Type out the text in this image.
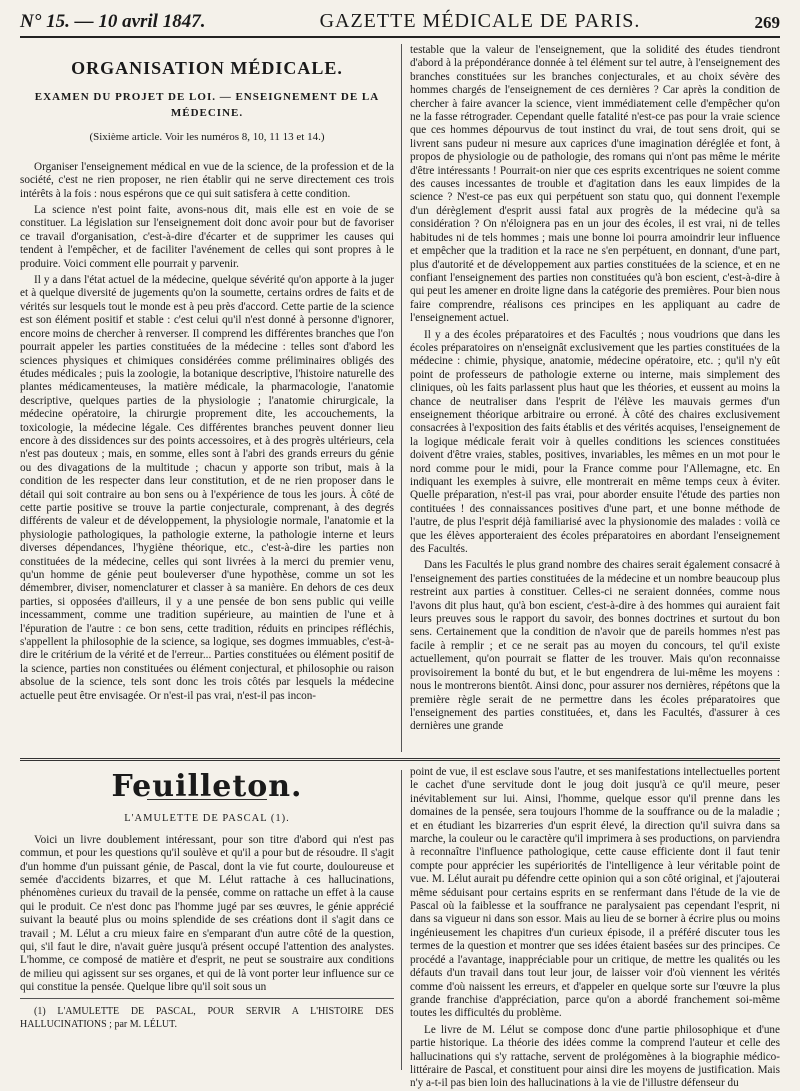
N° 15. — 10 avril 1847.	GAZETTE MÉDICALE DE PARIS.	269
ORGANISATION MÉDICALE.
EXAMEN DU PROJET DE LOI. — ENSEIGNEMENT DE LA MÉDECINE.
(Sixième article. Voir les numéros 8, 10, 11 13 et 14.)

Organiser l'enseignement médical en vue de la science, de la profession et de la société, c'est ne rien proposer, ne rien établir qui ne serve directement ces trois intérêts à la fois : nous espérons que ce qui suit satisfera à cette condition.

La science n'est point faite, avons-nous dit, mais elle est en voie de se constituer. La législation sur l'enseignement doit donc avoir pour but de favoriser ce travail d'organisation, c'est-à-dire d'écarter et de supprimer les causes qui tendent à l'empêcher, et de faciliter l'avénement de celles qui sont propres à le produire. Voici comment elle pourrait y parvenir.

Il y a dans l'état actuel de la médecine, quelque sévérité qu'on apporte à la juger et à quelque diversité de jugements qu'on la soumette, certains ordres de faits et de vérités sur lesquels tout le monde est à peu près d'accord. Cette partie de la science est son élément positif et stable : c'est celui qu'il n'est donné à personne d'ignorer, encore moins de chercher à renverser. Il comprend les différentes branches que l'on pourrait appeler les parties constituées de la médecine : telles sont d'abord les sciences physiques et chimiques considérées comme préliminaires obligés des études médicales ; puis la zoologie, la botanique descriptive, l'histoire naturelle des plantes médicamenteuses, la matière médicale, la pharmacologie, l'anatomie descriptive, quelques parties de la physiologie ; l'anatomie chirurgicale, la médecine opératoire, la chirurgie proprement dite, les accouchements, la toxicologie, la médecine légale. Ces différentes branches peuvent donner lieu encore à des dissidences sur des points accessoires, et à des progrès ultérieurs, cela n'est pas douteux ; mais, en somme, elles sont à l'abri des grands erreurs du génie ou des divagations de la multitude ; chacun y apporte son tribut, mais à la condition de les respecter dans leur constitution, et de ne rien proposer dans le détail qui soit contraire au bon sens ou à l'expérience de tous les jours. À côté de cette partie positive se trouve la partie conjecturale, comprenant, à des degrés différents de valeur et de développement, la physiologie normale, l'anatomie et la physiologie pathologiques, la pathologie externe, la pathologie interne et leurs diverses dépendances, l'hygiène théorique, etc., c'est-à-dire les parties non constituées de la médecine, celles qui sont livrées à la merci du premier venu, qu'un homme de génie peut bouleverser d'une hypothèse, comme un sot les démembrer, diviser, nomenclaturer et classer à sa manière. En dehors de ces deux parties, si opposées d'ailleurs, il y a une pensée de bon sens public qui veille incessamment, comme une tradition supérieure, au maintien de l'une et à l'épuration de l'autre : ce bon sens, cette tradition, réduits en principes réfléchis, s'appellent la philosophie de la science, sa logique, ses dogmes immuables, c'est-à-dire le critérium de la vérité et de l'erreur... Parties constituées ou élément positif de la science, parties non constituées ou élément conjectural, et philosophie ou raison absolue de la science, tels sont donc les trois côtés par lesquels la médecine actuelle peut être envisagée. Or n'est-il pas vrai, n'est-il pas incon-

testable que la valeur de l'enseignement, que la solidité des études tiendront d'abord à la prépondérance donnée à tel élément sur tel autre, à l'enseignement des branches constituées sur les branches conjecturales, et au choix sévère des hommes chargés de l'enseignement de ces dernières ? Car après la condition de chercher à faire avancer la science, vient immédiatement celle d'empêcher qu'on ne la fasse rétrograder. Cependant quelle fatalité n'est-ce pas pour la vraie science que ces hommes dépourvus de tout instinct du vrai, de tout sens droit, qui se livrent sans pudeur ni mesure aux caprices d'une imagination déréglée et font, à propos de physiologie ou de pathologie, des romans qui n'ont pas même le mérite d'être intéressants ! Pourrait-on nier que ces esprits excentriques ne soient comme des causes incessantes de trouble et d'agitation dans les eaux limpides de la science ? N'est-ce pas eux qui perpétuent son statu quo, qui donnent l'exemple d'un dérèglement d'esprit aussi fatal aux progrès de la médecine qu'à sa considération ? On n'éloignera pas en un jour des écoles, il est vrai, ni de telles habitudes ni de tels hommes ; mais une bonne loi pourra amoindrir leur influence et empêcher que la tradition et la race ne s'en perpétuent, en donnant, d'une part, plus d'autorité et de développement aux parties constituées de la science, et en ne confiant l'enseignement des parties non constituées qu'à bon escient, c'est-à-dire à qui peut les amener en droite ligne dans la catégorie des premières. Pour bien nous faire comprendre, réalisons ces principes en les appliquant au cadre de l'enseignement actuel.

Il y a des écoles préparatoires et des Facultés ; nous voudrions que dans les écoles préparatoires on n'enseignât exclusivement que les parties constituées de la médecine : chimie, physique, anatomie, médecine opératoire, etc. ; qu'il n'y eût point de professeurs de pathologie externe ou interne, mais simplement des cliniques, où les faits parlassent plus haut que les théories, et eussent au moins la chance de neutraliser dans l'esprit de l'élève les mauvais germes d'un enseignement théorique arbitraire ou erroné. À côté des chaires exclusivement consacrées à l'exposition des faits établis et des vérités acquises, l'enseignement de la logique médicale ferait voir à quelles conditions les sciences constituées doivent d'être vraies, stables, positives, invariables, les mêmes en un mot pour le nord comme pour le midi, pour la France comme pour l'Allemagne, etc. En indiquant les exemples à suivre, elle montrerait en même temps ceux à éviter. Quelle préparation, n'est-il pas vrai, pour aborder ensuite l'étude des parties non contituées ! des connaissances positives d'une part, et une bonne méthode de l'autre, de plus l'esprit déjà familiarisé avec la physionomie des malades : voilà ce que les élèves apporteraient des écoles préparatoires en abordant l'enseignement des Facultés.

Dans les Facultés le plus grand nombre des chaires serait également consacré à l'enseignement des parties constituées de la médecine et un nombre beaucoup plus restreint aux parties à constituer. Celles-ci ne seraient données, comme nous l'avons dit plus haut, qu'à bon escient, c'est-à-dire à des hommes qui auraient fait leurs preuves sous le rapport du savoir, des bonnes doctrines et surtout du bon sens. Certainement que la condition de n'avoir que de pareils hommes n'est pas facile à remplir ; et ce ne serait pas au moyen du concours, tel qu'il existe actuellement, qu'on pourrait se flatter de les trouver. Mais qu'on reconnaisse provisoirement la bonté du but, et le but engendrera de lui-même les moyens : nous le montrerons bientôt. Ainsi donc, pour assurer nos dernières, répétons que la première règle serait de ne permettre dans les écoles préparatoires que l'enseignement des parties constituées, et, dans les Facultés, d'assurer à ces dernières une grande

Feuilleton.
L'AMULETTE DE PASCAL (1).

Voici un livre doublement intéressant, pour son titre d'abord qui n'est pas commun, et pour les questions qu'il soulève et qu'il a pour but de résoudre. Il s'agit d'un homme d'un puissant génie, de Pascal, dont la vie fut courte, douloureuse et semée d'accidents bizarres, et que M. Lélut rattache à ces hallucinations, phénomènes curieux du travail de la pensée, comme on rattache un effet à la cause qui le produit. Ce n'est donc pas l'homme jugé par ses œuvres, le génie apprécié suivant la beauté plus ou moins splendide de ses créations dont il s'agit dans ce travail ; M. Lélut a cru mieux faire en s'emparant d'un autre côté de la question, qui, s'il faut le dire, n'avait guère jusqu'à présent occupé l'attention des analystes. L'homme, ce composé de matière et d'esprit, ne peut se soustraire aux conditions de milieu qui agissent sur ses organes, et qui de là vont porter leur influence sur ce qui constitue la pensée. Quelque libre qu'il soit sous un

(1) L'AMULETTE DE PASCAL, POUR SERVIR A L'HISTOIRE DES HALLUCINATIONS ; par M. LÉLUT.

point de vue, il est esclave sous l'autre, et ses manifestations intellectuelles portent le cachet d'une servitude dont le joug doit jusqu'à ce qu'il meure, peser inévitablement sur lui. Ainsi, l'homme, quelque essor qu'il prenne dans les domaines de la pensée, sera toujours l'homme de la souffrance ou de la maladie ; et en étudiant les bizarreries d'un esprit élevé, la direction qu'il suivra dans sa marche, la couleur ou le caractère qu'il imprimera à ses productions, on parviendra à reconnaître l'influence pathologique, cette cause efficiente dont il faut tenir compte pour apprécier les supériorités de l'intelligence à leur véritable point de vue. M. Lélut aurait pu défendre cette opinion qui a son côté original, et j'ajouterai même séduisant pour certains esprits en se renfermant dans l'étude de la vie de Pascal où la faiblesse et la souffrance ne paralysaient pas cependant l'esprit, ni dans sa vigueur ni dans son essor. Mais au lieu de se borner à écrire plus ou moins ingénieusement les chapitres d'un curieux épisode, il a préféré discuter tous les termes de la question et montrer que ses idées étaient basées sur des principes. Ce procédé a l'avantage, inappréciable pour un critique, de mettre les qualités ou les défauts d'un travail dans tout leur jour, de laisser voir d'où viennent les vérités comme d'où naissent les erreurs, et d'appeler en quelque sorte sur l'œuvre la plus grande franchise d'appréciation, parce qu'on a abordé franchement soi-même toutes les difficultés du problème.

Le livre de M. Lélut se compose donc d'une partie philosophique et d'une partie historique. La théorie des idées comme la comprend l'auteur et celle des hallucinations qui s'y rattache, servent de prolégomènes à la biographie médico-littéraire de Pascal, et constituent pour ainsi dire les moyens de justification. Mais n'y a-t-il pas bien loin des hallucinations à la vie de l'illustre défenseur du
